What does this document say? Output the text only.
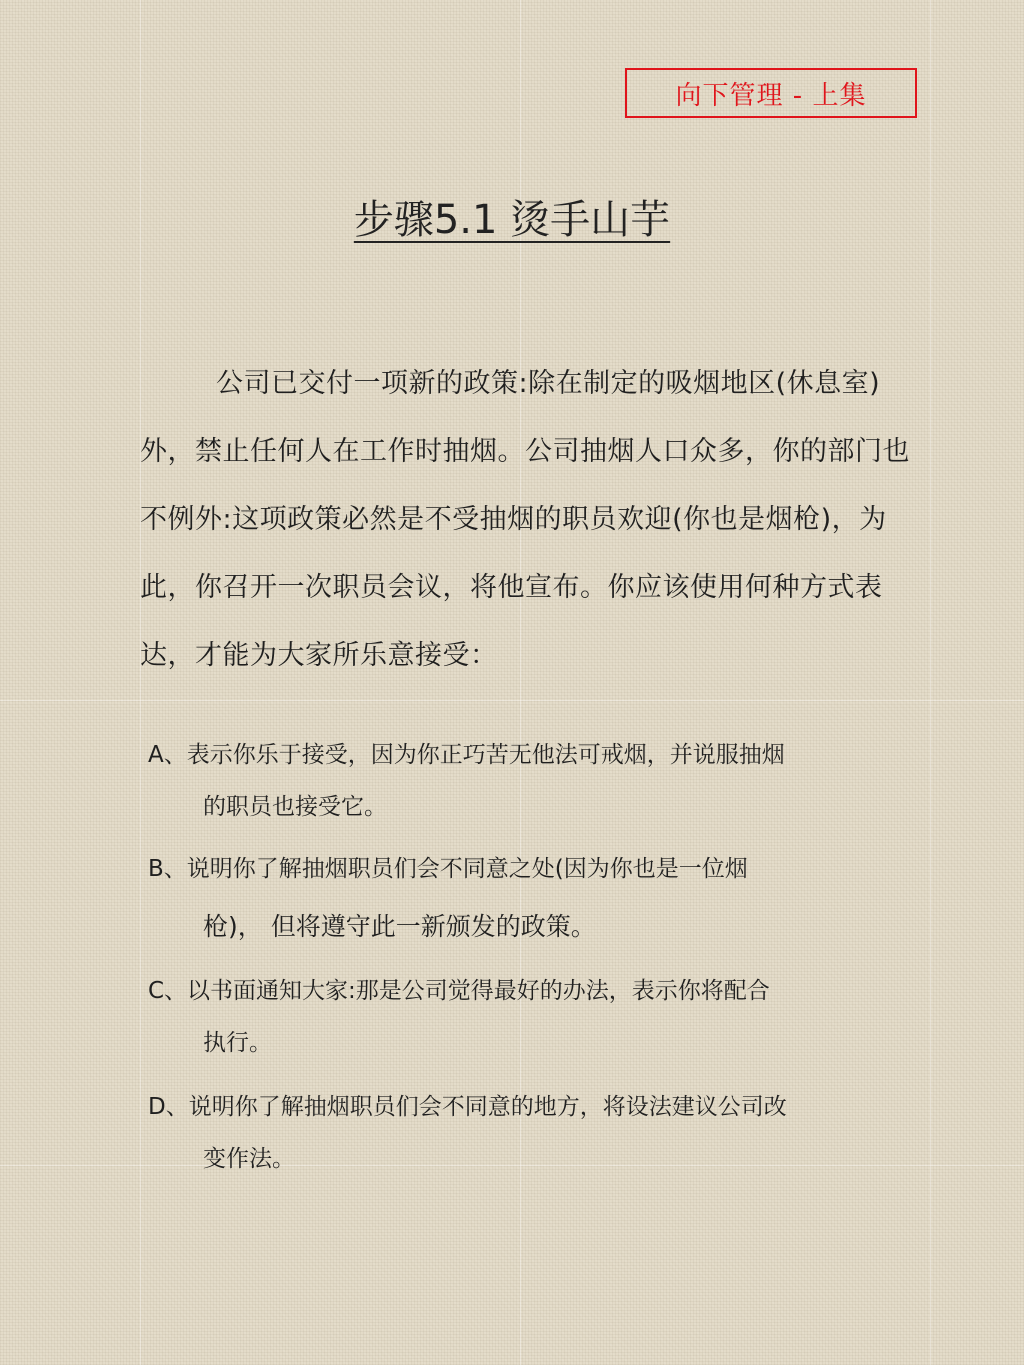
向下管理 - 上集
步骤5.1 烫手山芋
公司已交付一项新的政策:除在制定的吸烟地区(休息室)外，禁止任何人在工作时抽烟。公司抽烟人口众多，你的部门也不例外:这项政策必然是不受抽烟的职员欢迎(你也是烟枪)，为此，你召开一次职员会议，将他宣布。你应该使用何种方式表达，才能为大家所乐意接受：
A、表示你乐于接受，因为你正巧苦无他法可戒烟，并说服抽烟
的职员也接受它。
B、说明你了解抽烟职员们会不同意之处(因为你也是一位烟
枪)， 但将遵守此一新颁发的政策。
C、以书面通知大家:那是公司觉得最好的办法，表示你将配合
执行。
D、说明你了解抽烟职员们会不同意的地方，将设法建议公司改
变作法。
